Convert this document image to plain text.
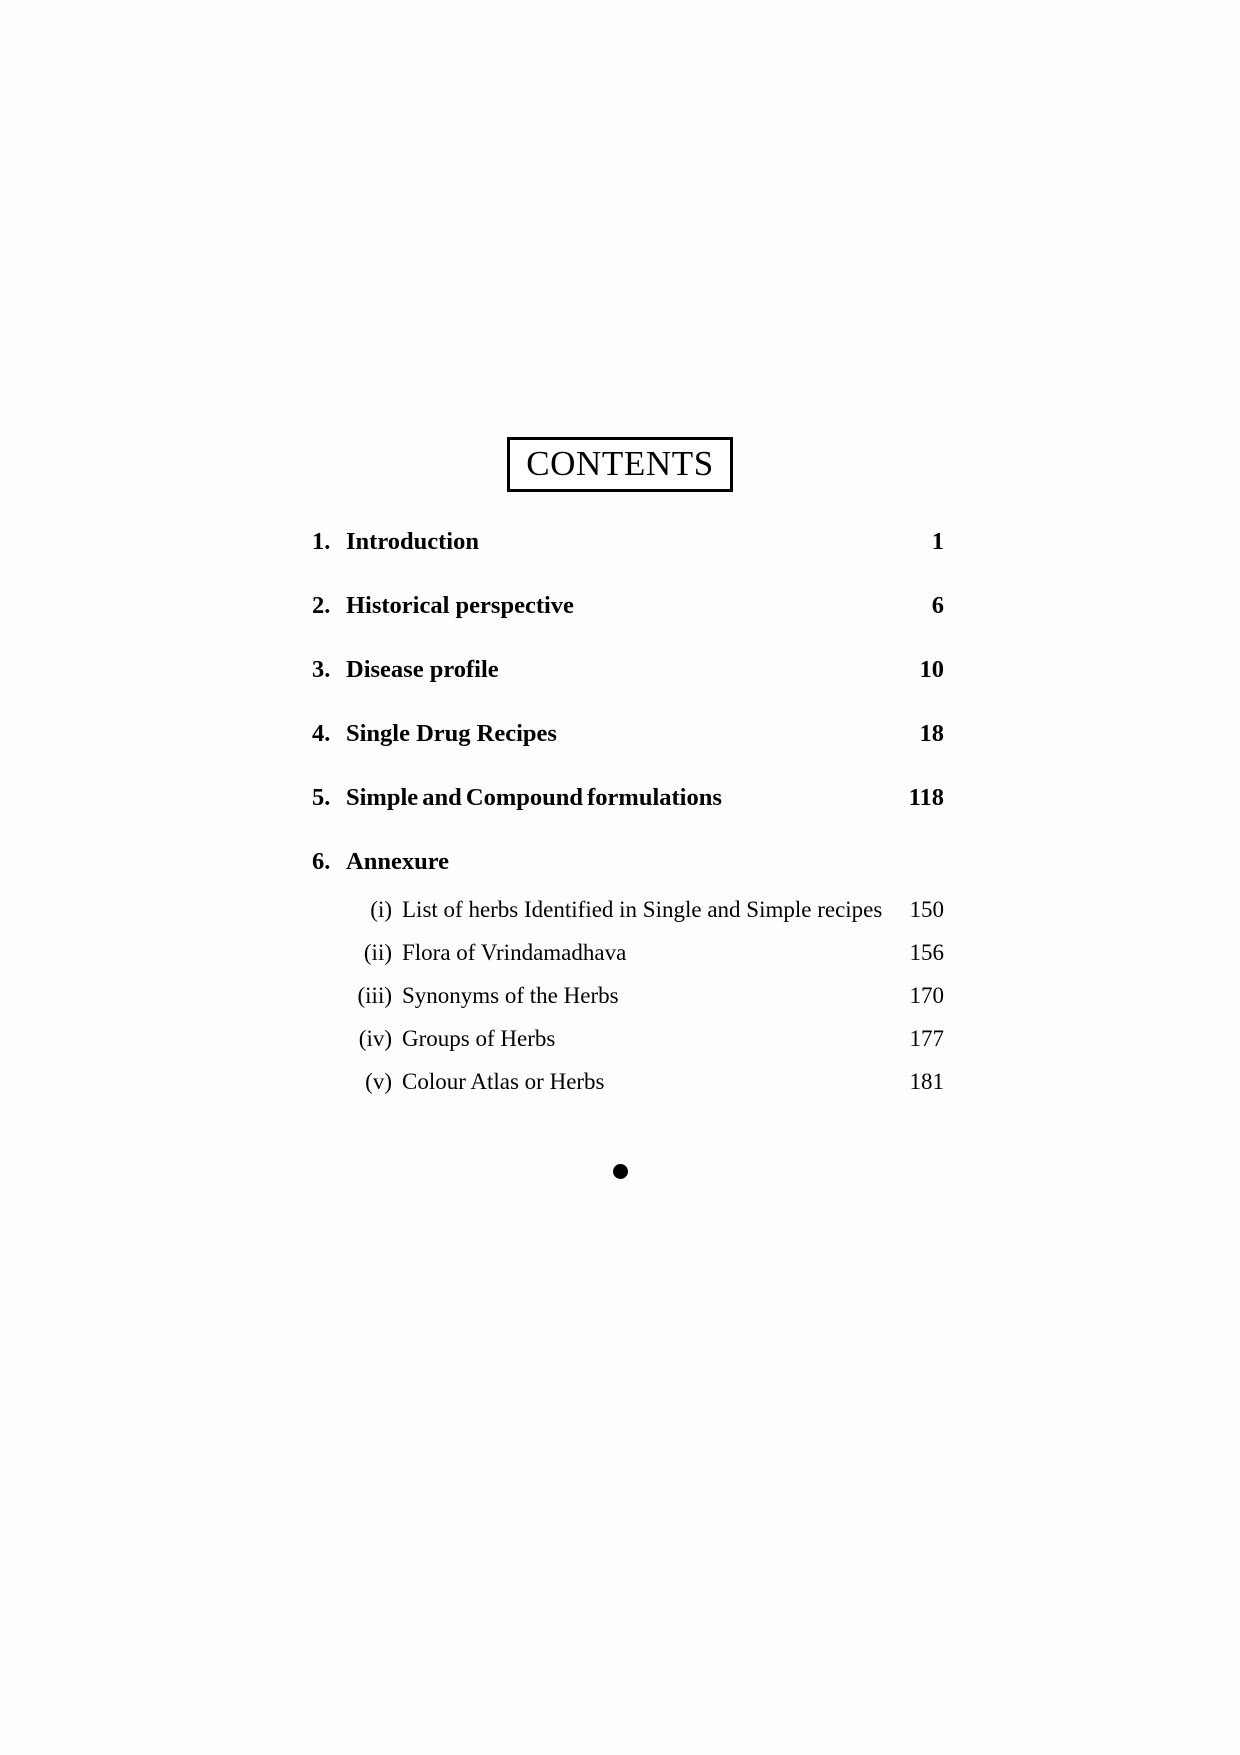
CONTENTS
1. Introduction	1
2. Historical perspective	6
3. Disease profile	10
4. Single Drug Recipes	18
5. Simple and Compound formulations	118
6. Annexure
(i) List of herbs Identified in Single and Simple recipes	150
(ii) Flora of Vrindamadhava	156
(iii) Synonyms of the Herbs	170
(iv) Groups of Herbs	177
(v) Colour Atlas or Herbs	181
